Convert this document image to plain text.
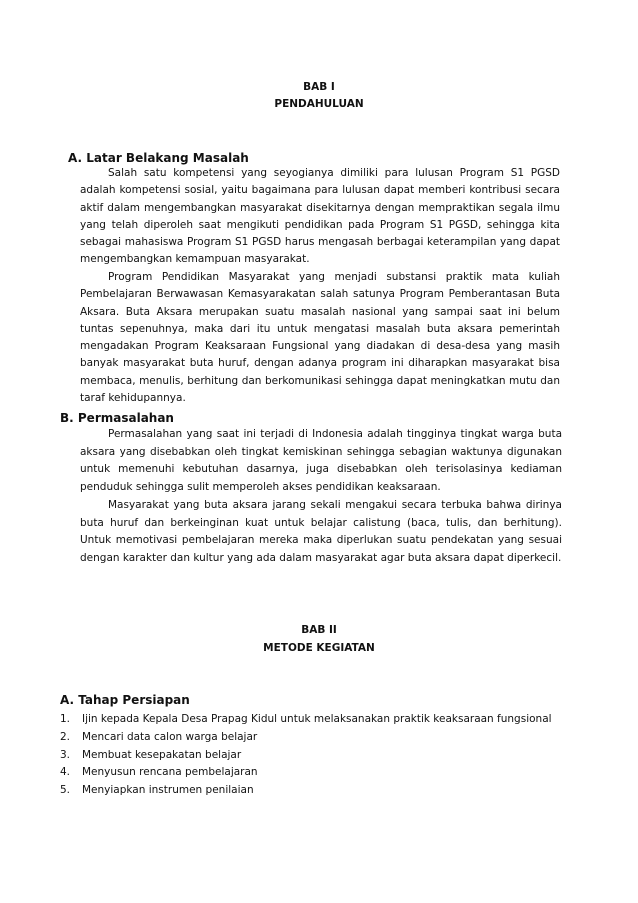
BAB I
PENDAHULUAN
A. Latar Belakang Masalah
Salah satu kompetensi yang seyogianya dimiliki para lulusan Program S1 PGSD adalah kompetensi sosial, yaitu bagaimana para lulusan dapat memberi kontribusi secara aktif dalam mengembangkan masyarakat disekitarnya dengan mempraktikan segala ilmu yang telah diperoleh saat mengikuti pendidikan pada Program S1 PGSD, sehingga kita sebagai mahasiswa Program S1 PGSD harus mengasah berbagai keterampilan yang dapat mengembangkan kemampuan masyarakat.
Program Pendidikan Masyarakat yang menjadi substansi praktik mata kuliah Pembelajaran Berwawasan Kemasyarakatan salah satunya Program Pemberantasan Buta Aksara. Buta Aksara merupakan suatu masalah nasional yang sampai saat ini belum tuntas sepenuhnya, maka dari itu untuk mengatasi masalah buta aksara pemerintah mengadakan Program Keaksaraan Fungsional yang diadakan di desa-desa yang masih banyak masyarakat buta huruf, dengan adanya program ini diharapkan masyarakat bisa membaca, menulis, berhitung dan berkomunikasi sehingga dapat meningkatkan mutu dan taraf kehidupannya.
B. Permasalahan
Permasalahan yang saat ini terjadi di Indonesia adalah tingginya tingkat warga buta aksara yang disebabkan oleh tingkat kemiskinan sehingga sebagian waktunya digunakan untuk memenuhi kebutuhan dasarnya, juga disebabkan oleh terisolasinya kediaman penduduk sehingga sulit memperoleh akses pendidikan keaksaraan.
Masyarakat yang buta aksara jarang sekali mengakui secara terbuka bahwa dirinya buta huruf dan berkeinginan kuat untuk belajar calistung (baca, tulis, dan berhitung). Untuk memotivasi pembelajaran mereka maka diperlukan suatu pendekatan yang sesuai dengan karakter dan kultur yang ada dalam masyarakat agar buta aksara dapat diperkecil.
BAB II
METODE KEGIATAN
A. Tahap Persiapan
1. Ijin kepada Kepala Desa Prapag Kidul untuk melaksanakan praktik keaksaraan fungsional
2. Mencari data calon warga belajar
3. Membuat kesepakatan belajar
4. Menyusun rencana pembelajaran
5. Menyiapkan instrumen penilaian
